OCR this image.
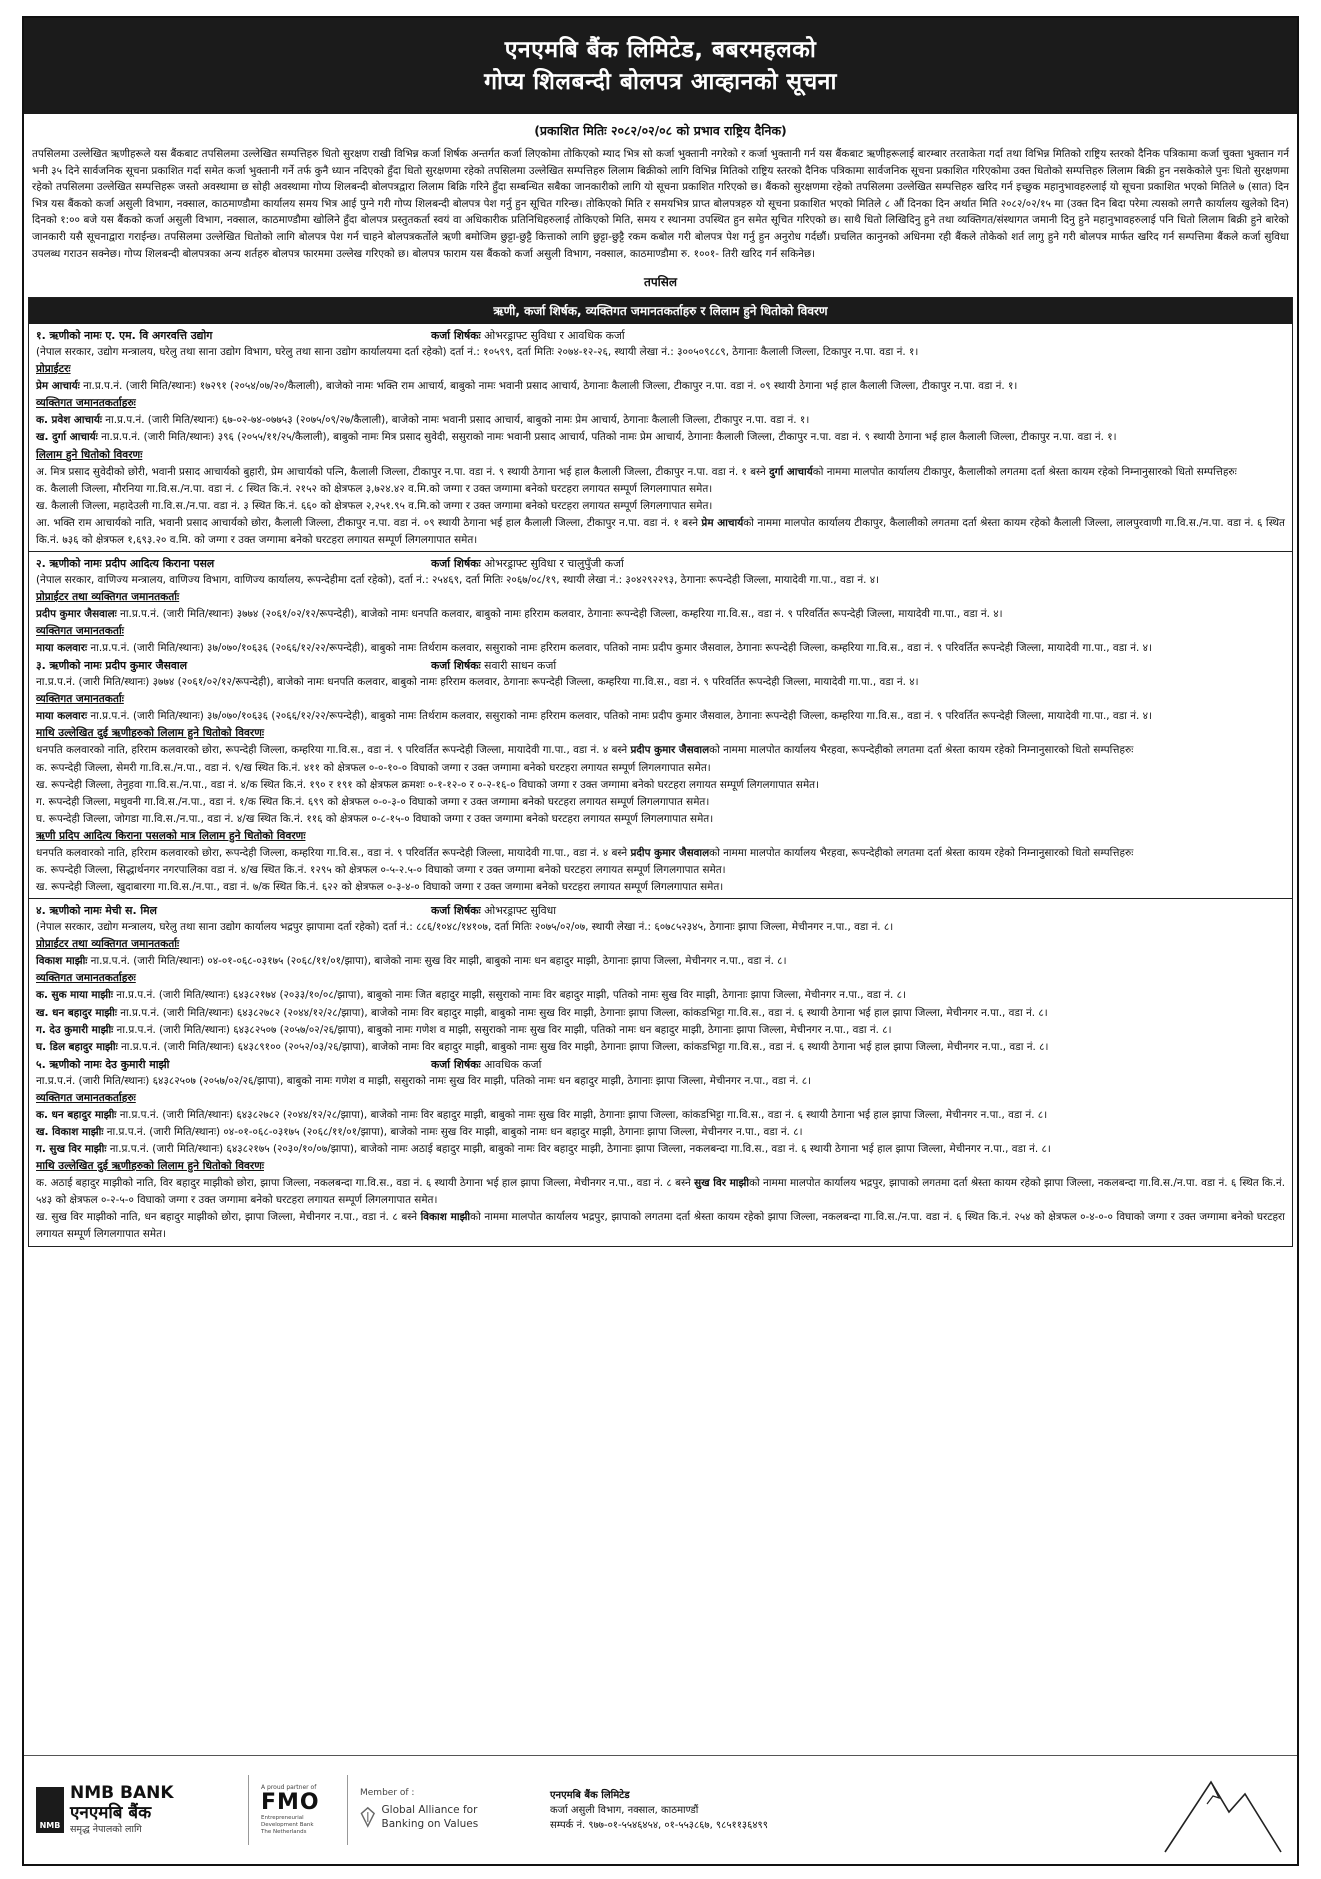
एनएमबि बैंक लिमिटेड, बबरमहलको
गोप्य शिलबन्दी बोलपत्र आव्हानको सूचना
(प्रकाशित मितिः २०८२/०२/०८ को प्रभाव राष्ट्रिय दैनिक)
तपसिलमा उल्लेखित ऋणीहरूले यस बैंकबाट तपसिलमा उल्लेखित सम्पत्तिहरु धितो सुरक्षण राखी विभिन्न कर्जा शिर्षक अन्तर्गत कर्जा लिएकोमा तोकिएको म्याद भित्र सो कर्जा भुक्तानी नगरेको र कर्जा भुक्तानी गर्न यस बैंकबाट ऋणीहरूलाई बारम्बार तरताकेता गर्दा तथा विभिन्न मितिको राष्ट्रिय स्तरको दैनिक पत्रिकामा कर्जा चुक्ता भुक्तान गर्न भनी ३५ दिने सार्वजनिक सूचना प्रकाशित गर्दा समेत कर्जा भुक्तानी गर्ने तर्फ कुनै ध्यान नदिएको हुँदा धितो सुरक्षणमा रहेको तपसिलमा उल्लेखित सम्पत्तिहरु लिलाम बिक्रीको लागि विभिन्न मितिको राष्ट्रिय स्तरको दैनिक पत्रिकामा सार्वजनिक सूचना प्रकाशित गरिएकोमा उक्त धितोको सम्पत्तिहरु लिलाम बिक्री हुन नसकेकोले पुनः धितो सुरक्षणमा रहेको तपसिलमा उल्लेखित सम्पत्तिहरू जस्तो अवस्थामा छ सोही अवस्थामा गोप्य शिलबन्दी बोलपत्रद्वारा लिलाम बिक्रि गरिने हुँदा सम्बन्धित सबैका जानकारीको लागि यो सूचना प्रकाशित गरिएको छ। बैंकको सुरक्षणमा रहेको तपसिलमा उल्लेखित सम्पत्तिहरु खरिद गर्न इच्छुक महानुभावहरुलाई यो सूचना प्रकाशित भएको मितिले ७ (सात) दिन भित्र यस बैंकको कर्जा असुली विभाग, नक्साल, काठमाण्डौमा कार्यालय समय भित्र आई पुग्ने गरी गोप्य शिलबन्दी बोलपत्र पेश गर्नु हुन सूचित गरिन्छ। तोकिएको मिति र समयभित्र प्राप्त बोलपत्रहरु यो सूचना प्रकाशित भएको मितिले ८ औं दिनका दिन अर्थात मिति २०८२/०२/१५ मा (उक्त दिन बिदा परेमा त्यसको लगत्तै कार्यालय खुलेको दिन) दिनको १:०० बजे यस बैंकको कर्जा असुली विभाग, नक्साल, काठमाण्डौमा खोलिने हुँदा बोलपत्र प्रस्तुतकर्ता स्वयं वा अधिकारीक प्रतिनिधिहरुलाई तोकिएको मिति, समय र स्थानमा उपस्थित हुन समेत सूचित गरिएको छ। साथै धितो लिखिदिनु हुने तथा व्यक्तिगत/संस्थागत जमानी दिनु हुने महानुभावहरुलाई पनि धितो लिलाम बिक्री हुने बारेको जानकारी यसै सूचनाद्वारा गराईन्छ। तपसिलमा उल्लेखित धितोको लागि बोलपत्र पेश गर्न चाहने बोलपत्रकर्तोले ऋणी बमोजिम छुट्टा-छुट्टै कित्ताको लागि छुट्टा-छुट्टै रकम कबोल गरी बोलपत्र पेश गर्नु हुन अनुरोध गर्दछौं। प्रचलित कानुनको अधिनमा रही बैंकले तोकेको शर्त लागु हुने गरी बोलपत्र मार्फत खरिद गर्न सम्पत्तिमा बैंकले कर्जा सुविधा उपलब्ध गराउन सक्नेछ। गोप्य शिलबन्दी बोलपत्रका अन्य शर्तहरु बोलपत्र फारममा उल्लेख गरिएको छ। बोलपत्र फाराम यस बैंकको कर्जा असुली विभाग, नक्साल, काठमाण्डौमा रु. १००१- तिरी खरिद गर्न सकिनेछ।
तपसिल
ऋणी, कर्जा शिर्षक, व्यक्तिगत जमानतकर्ताहरु र लिलाम हुने धितोको विवरण
१. ऋणीको नामः ए. एम. वि अगरवत्ति उद्योग	कर्जा शिर्षकः ओभरड्राफ्ट सुविधा र आवधिक कर्जा
(नेपाल सरकार, उद्योग मन्त्रालय, घरेलु तथा साना उद्योग विभाग, घरेलु तथा साना उद्योग कार्यालयमा दर्ता रहेको) दर्ता नं.: १०५९९, दर्ता मितिः २०७४-१२-२६, स्थायी लेखा नं.: ३००५०९८८९, ठेगानाः कैलाली जिल्ला, टिकापुर न.पा. वडा नं. १।
प्रोप्राईटरः
प्रेम आचार्यः ना.प्र.प.नं. (जारी मिति/स्थानः) १७२९१ (२०५४/०७/२०/कैलाली), बाजेको नामः भक्ति राम आचार्य, बाबुको नामः भवानी प्रसाद आचार्य, ठेगानाः कैलाली जिल्ला, टीकापुर न.पा. वडा नं. ०९ स्थायी ठेगाना भई हाल कैलाली जिल्ला, टीकापुर न.पा. वडा नं. १।
व्यक्तिगत जमानतकर्ताहरुः
क. प्रवेश आचार्यः ना.प्र.प.नं. (जारी मिति/स्थानः) ६७-०२-७४-०७७५३ (२०७५/०९/२७/कैलाली), बाजेको नामः भवानी प्रसाद आचार्य, बाबुको नामः प्रेम आचार्य, ठेगानाः कैलाली जिल्ला, टीकापुर न.पा. वडा नं. १।
ख. दुर्गा आचार्यः ना.प्र.प.नं. (जारी मिति/स्थानः) ३९६ (२०५५/११/२५/कैलाली), बाबुको नामः मित्र प्रसाद सुवेदी, ससुराको नामः भवानी प्रसाद आचार्य, पतिको नामः प्रेम आचार्य, ठेगानाः कैलाली जिल्ला, टीकापुर न.पा. वडा नं. ९ स्थायी ठेगाना भई हाल कैलाली जिल्ला, टीकापुर न.पा. वडा नं. १।
लिलाम हुने धितोको विवरणः
अ. मित्र प्रसाद सुवेदीको छोरी, भवानी प्रसाद आचार्यको बुहारी, प्रेम आचार्यको पत्नि, कैलाली जिल्ला, टीकापुर न.पा. वडा नं. ९ स्थायी ठेगाना भई हाल कैलाली जिल्ला, टीकापुर न.पा. वडा नं. १ बस्ने दुर्गा आचार्यको नाममा मालपोत कार्यालय टीकापुर, कैलालीको लगतमा दर्ता श्रेस्ता कायम रहेको निम्नानुसारको धितो सम्पत्तिहरुः
क. कैलाली जिल्ला, मौरनिया गा.वि.स./न.पा. वडा नं. ८ स्थित कि.नं. २१५२ को क्षेत्रफल ३,७२४.४२ व.मि.को जग्गा र उक्त जग्गामा बनेको घरटहरा लगायत सम्पूर्ण लिगलगापात समेत।
ख. कैलाली जिल्ला, महादेउली गा.वि.स./न.पा. वडा नं. ३ स्थित कि.नं. ६६० को क्षेत्रफल २,२५१.९५ व.मि.को जग्गा र उक्त जग्गामा बनेको घरटहरा लगायत सम्पूर्ण लिगलगापात समेत।
आ. भक्ति राम आचार्यको नाति, भवानी प्रसाद आचार्यको छोरा, कैलाली जिल्ला, टीकापुर न.पा. वडा नं. ०९ स्थायी ठेगाना भई हाल कैलाली जिल्ला, टीकापुर न.पा. वडा नं. १ बस्ने प्रेम आचार्यको नाममा मालपोत कार्यालय टीकापुर, कैलालीको लगतमा दर्ता श्रेस्ता कायम रहेको कैलाली जिल्ला, लालपुरवाणी गा.वि.स./न.पा. वडा नं. ६ स्थित कि.नं. ७३६ को क्षेत्रफल १,६९३.२० व.मि. को जग्गा र उक्त जग्गामा बनेको घरटहरा लगायत सम्पूर्ण लिगलगापात समेत।
२. ऋणीको नामः प्रदीप आदित्य किराना पसल	कर्जा शिर्षकः ओभरड्राफ्ट सुविधा र चालुपुँजी कर्जा
(नेपाल सरकार, वाणिज्य मन्त्रालय, वाणिज्य विभाग, वाणिज्य कार्यालय, रूपन्देहीमा दर्ता रहेको), दर्ता नं.: २५४६९, दर्ता मितिः २०६७/०८/१९, स्थायी लेखा नं.: ३०४२९२२९३, ठेगानाः रूपन्देही जिल्ला, मायादेवी गा.पा., वडा नं. ४।
प्रोप्राईटर तथा व्यक्तिगत जमानतकर्ताः
प्रदीप कुमार जैसवालः ना.प्र.प.नं. (जारी मिति/स्थानः) ३७७४ (२०६१/०२/१२/रूपन्देही), बाजेको नामः धनपति कलवार, बाबुको नामः हरिराम कलवार, ठेगानाः रूपन्देही जिल्ला, कम्हरिया गा.वि.स., वडा नं. ९ परिवर्तित रूपन्देही जिल्ला, मायादेवी गा.पा., वडा नं. ४।
व्यक्तिगत जमानतकर्ताः
माया कलवारः ना.प्र.प.नं. (जारी मिति/स्थानः) ३७/०७०/१०६३६ (२०६६/१२/२२/रूपन्देही), बाबुको नामः तिर्थराम कलवार, ससुराको नामः हरिराम कलवार, पतिको नामः प्रदीप कुमार जैसवाल, ठेगानाः रूपन्देही जिल्ला, कम्हरिया गा.वि.स., वडा नं. ९ परिवर्तित रूपन्देही जिल्ला, मायादेवी गा.पा., वडा नं. ४।
३. ऋणीको नामः प्रदीप कुमार जैसवाल	कर्जा शिर्षकः सवारी साधन कर्जा
ना.प्र.प.नं. (जारी मिति/स्थानः) ३७७४ (२०६१/०२/१२/रूपन्देही), बाजेको नामः धनपति कलवार, बाबुको नामः हरिराम कलवार, ठेगानाः रूपन्देही जिल्ला, कम्हरिया गा.वि.स., वडा नं. ९ परिवर्तित रूपन्देही जिल्ला, मायादेवी गा.पा., वडा नं. ४।
व्यक्तिगत जमानतकर्ताः
माया कलवारः ना.प्र.प.नं. (जारी मिति/स्थानः) ३७/०७०/१०६३६ (२०६६/१२/२२/रूपन्देही), बाबुको नामः तिर्थराम कलवार, ससुराको नामः हरिराम कलवार, पतिको नामः प्रदीप कुमार जैसवाल, ठेगानाः रूपन्देही जिल्ला, कम्हरिया गा.वि.स., वडा नं. ९ परिवर्तित रूपन्देही जिल्ला, मायादेवी गा.पा., वडा नं. ४।
माथि उल्लेखित दुई ऋणीहरुको लिलाम हुने धितोको विवरणः
धनपति कलवारको नाति, हरिराम कलवारको छोरा, रूपन्देही जिल्ला, कम्हरिया गा.वि.स., वडा नं. ९ परिवर्तित रूपन्देही जिल्ला, मायादेवी गा.पा., वडा नं. ४ बस्ने प्रदीप कुमार जैसवालको नाममा मालपोत कार्यालय भैरहवा, रूपन्देहीको लगतमा दर्ता श्रेस्ता कायम रहेको निम्नानुसारको धितो सम्पत्तिहरुः
क. रूपन्देही जिल्ला, सेमरी गा.वि.स./न.पा., वडा नं. ९/ख स्थित कि.नं. ४११ को क्षेत्रफल ०-०-१०-० विघाको जग्गा र उक्त जग्गामा बनेको घरटहरा लगायत सम्पूर्ण लिगलगापात समेत।
ख. रूपन्देही जिल्ला, तेनुहवा गा.वि.स./न.पा., वडा नं. ४/क स्थित कि.नं. १९० र १९१ को क्षेत्रफल क्रमशः ०-१-१२-० र ०-२-१६-० विघाको जग्गा र उक्त जग्गामा बनेको घरटहरा लगायत सम्पूर्ण लिगलगापात समेत।
ग. रूपन्देही जिल्ला, मधुवनी गा.वि.स./न.पा., वडा नं. १/क स्थित कि.नं. ६९९ को क्षेत्रफल ०-०-३-० विघाको जग्गा र उक्त जग्गामा बनेको घरटहरा लगायत सम्पूर्ण लिगलगापात समेत।
घ. रूपन्देही जिल्ला, जोगडा गा.वि.स./न.पा., वडा नं. ४/ख स्थित कि.नं. ११६ को क्षेत्रफल ०-८-१५-० विघाको जग्गा र उक्त जग्गामा बनेको घरटहरा लगायत सम्पूर्ण लिगलगापात समेत।
ऋणी प्रदिप आदित्य किराना पसलको मात्र लिलाम हुने धितोको विवरणः
धनपति कलवारको नाति, हरिराम कलवारको छोरा, रूपन्देही जिल्ला, कम्हरिया गा.वि.स., वडा नं. ९ परिवर्तित रूपन्देही जिल्ला, मायादेवी गा.पा., वडा नं. ४ बस्ने प्रदीप कुमार जैसवालको नाममा मालपोत कार्यालय भैरहवा, रूपन्देहीको लगतमा दर्ता श्रेस्ता कायम रहेको निम्नानुसारको धितो सम्पत्तिहरुः
क. रूपन्देही जिल्ला, सिद्धार्थनगर नगरपालिका वडा नं. ४/ख स्थित कि.नं. १२९५ को क्षेत्रफल ०-५-२.५-० विघाको जग्गा र उक्त जग्गामा बनेको घरटहरा लगायत सम्पूर्ण लिगलगापात समेत।
ख. रूपन्देही जिल्ला, खुदाबारगा गा.वि.स./न.पा., वडा नं. ७/क स्थित कि.नं. ६२२ को क्षेत्रफल ०-३-४-० विघाको जग्गा र उक्त जग्गामा बनेको घरटहरा लगायत सम्पूर्ण लिगलगापात समेत।
४. ऋणीको नामः मेची स. मिल	कर्जा शिर्षकः ओभरड्राफ्ट सुविधा
(नेपाल सरकार, उद्योग मन्त्रालय, घरेलु तथा साना उद्योग कार्यालय भद्रपुर झापामा दर्ता रहेको) दर्ता नं.: ८८६/१०४८/१४१०७, दर्ता मितिः २०७५/०२/०७, स्थायी लेखा नं.: ६०७८५२३४५, ठेगानाः झापा जिल्ला, मेचीनगर न.पा., वडा नं. ८।
प्रोप्राईटर तथा व्यक्तिगत जमानतकर्ताः
विकाश माझीः ना.प्र.प.नं. (जारी मिति/स्थानः) ०४-०१-०६८-०३१७५ (२०६८/११/०१/झापा), बाजेको नामः सुख विर माझी, बाबुको नामः धन बहादुर माझी, ठेगानाः झापा जिल्ला, मेचीनगर न.पा., वडा नं. ८।
व्यक्तिगत जमानतकर्ताहरुः
क. सुक माया माझीः ना.प्र.प.नं. (जारी मिति/स्थानः) ६४३८२१७४ (२०३३/१०/०८/झापा), बाबुको नामः जित बहादुर माझी, ससुराको नामः विर बहादुर माझी, पतिको नामः सुख विर माझी, ठेगानाः झापा जिल्ला, मेचीनगर न.पा., वडा नं. ८।
ख. धन बहादुर माझीः ना.प्र.प.नं. (जारी मिति/स्थानः) ६४३८२७८२ (२०४४/१२/२८/झापा), बाजेको नामः विर बहादुर माझी, बाबुको नामः सुख विर माझी, ठेगानाः झापा जिल्ला, कांकडभिट्टा गा.वि.स., वडा नं. ६ स्थायी ठेगाना भई हाल झापा जिल्ला, मेचीनगर न.पा., वडा नं. ८।
ग. देउ कुमारी माझीः ना.प्र.प.नं. (जारी मिति/स्थानः) ६४३८२५०७ (२०५७/०२/२६/झापा), बाबुको नामः गणेश व माझी, ससुराको नामः सुख विर माझी, पतिको नामः धन बहादुर माझी, ठेगानाः झापा जिल्ला, मेचीनगर न.पा., वडा नं. ८।
घ. डिल बहादुर माझीः ना.प्र.प.नं. (जारी मिति/स्थानः) ६४३८९१०० (२०५२/०३/२६/झापा), बाजेको नामः विर बहादुर माझी, बाबुको नामः सुख विर माझी, ठेगानाः झापा जिल्ला, कांकडभिट्टा गा.वि.स., वडा नं. ६ स्थायी ठेगाना भई हाल झापा जिल्ला, मेचीनगर न.पा., वडा नं. ८।
५. ऋणीको नामः देउ कुमारी माझी	कर्जा शिर्षकः आवधिक कर्जा
ना.प्र.प.नं. (जारी मिति/स्थानः) ६४३८२५०७ (२०५७/०२/२६/झापा), बाबुको नामः गणेश व माझी, ससुराको नामः सुख विर माझी, पतिको नामः धन बहादुर माझी, ठेगानाः झापा जिल्ला, मेचीनगर न.पा., वडा नं. ८।
व्यक्तिगत जमानतकर्ताहरुः
क. धन बहादुर माझीः ना.प्र.प.नं. (जारी मिति/स्थानः) ६४३८२७८२ (२०४४/१२/२८/झापा), बाजेको नामः विर बहादुर माझी, बाबुको नामः सुख विर माझी, ठेगानाः झापा जिल्ला, कांकडभिट्टा गा.वि.स., वडा नं. ६ स्थायी ठेगाना भई हाल झापा जिल्ला, मेचीनगर न.पा., वडा नं. ८।
ख. विकाश माझीः ना.प्र.प.नं. (जारी मिति/स्थानः) ०४-०१-०६८-०३१७५ (२०६८/११/०१/झापा), बाजेको नामः सुख विर माझी, बाबुको नामः धन बहादुर माझी, ठेगानाः झापा जिल्ला, मेचीनगर न.पा., वडा नं. ८।
ग. सुख विर माझीः ना.प्र.प.नं. (जारी मिति/स्थानः) ६४३८२१७५ (२०३०/१०/०७/झापा), बाजेको नामः अठाई बहादुर माझी, बाबुको नामः विर बहादुर माझी, ठेगानाः झापा जिल्ला, नकलबन्दा गा.वि.स., वडा नं. ६ स्थायी ठेगाना भई हाल झापा जिल्ला, मेचीनगर न.पा., वडा नं. ८।
माथि उल्लेखित दुई ऋणीहरुको लिलाम हुने धितोको विवरणः
क. अठाई बहादुर माझीको नाति, विर बहादुर माझीको छोरा, झापा जिल्ला, नकलबन्दा गा.वि.स., वडा नं. ६ स्थायी ठेगाना भई हाल झापा जिल्ला, मेचीनगर न.पा., वडा नं. ८ बस्ने सुख विर माझीको नाममा मालपोत कार्यालय भद्रपुर, झापाको लगतमा दर्ता श्रेस्ता कायम रहेको झापा जिल्ला, नकलबन्दा गा.वि.स./न.पा. वडा नं. ६ स्थित कि.नं. ५४३ को क्षेत्रफल ०-२-५-० विघाको जग्गा र उक्त जग्गामा बनेको घरटहरा लगायत सम्पूर्ण लिगलगापात समेत।
ख. सुख विर माझीको नाति, धन बहादुर माझीको छोरा, झापा जिल्ला, मेचीनगर न.पा., वडा नं. ८ बस्ने विकाश माझीको नाममा मालपोत कार्यालय भद्रपुर, झापाको लगतमा दर्ता श्रेस्ता कायम रहेको झापा जिल्ला, नकलबन्दा गा.वि.स./न.पा. वडा नं. ६ स्थित कि.नं. २५४ को क्षेत्रफल ०-४-०-० विघाको जग्गा र उक्त जग्गामा बनेको घरटहरा लगायत सम्पूर्ण लिगलगापात समेत।
NMB
NMB BANK
एनएमबि बैंक
समृद्ध नेपालको लागि
A proud partner of
FMO
Entrepreneurial Development Bank
The Netherlands
Member of :
Global Alliance for Banking on Values
एनएमबि बैंक लिमिटेड
कर्जा असुली विभाग, नक्साल, काठमाण्डौं
सम्पर्क नं. ९७७-०१-५५४६४५४, ०१-५५३८६७, ९८५११३६४९९
